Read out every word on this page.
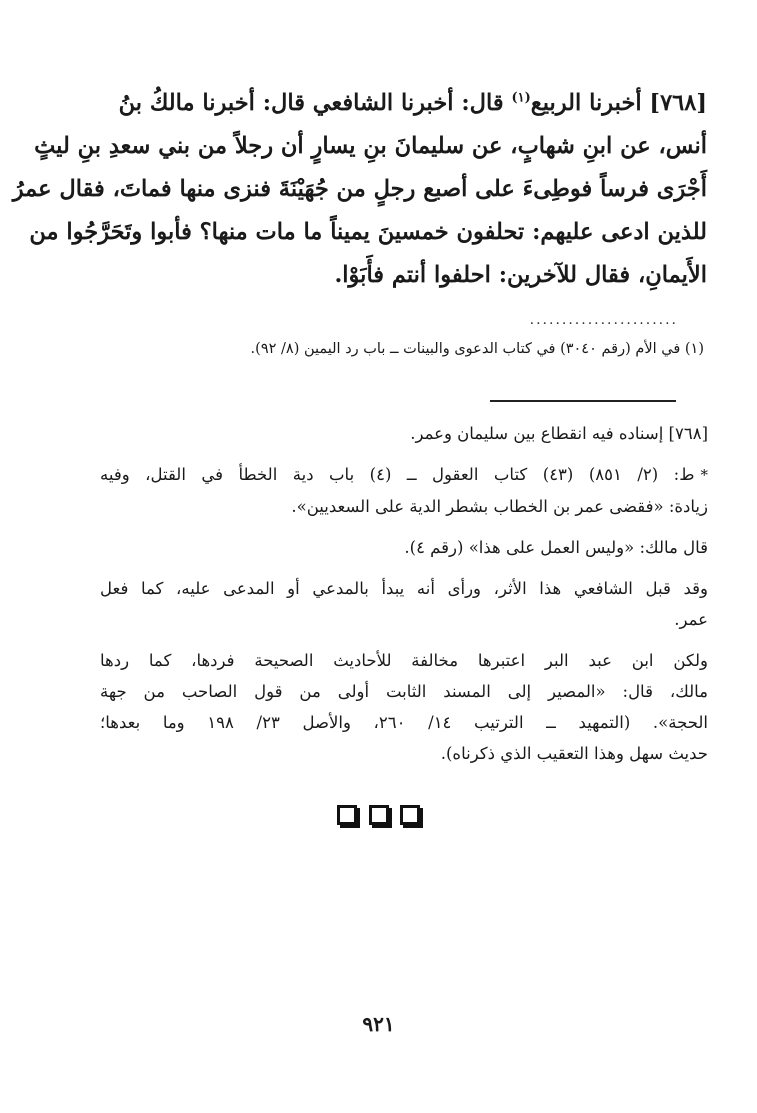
[٧٦٨] أخبرنا الربيع$^{(١)}$ قال: أخبرنا الشافعي قال: أخبرنا مالكُ بنُ
أنس، عن ابنِ شهابٍ، عن سليمانَ بنِ يسارٍ أن رجلاً من بني سعدِ بنِ ليثٍ
أَجْرَى فرساً فوطِىءَ على أصبع رجلٍ من جُهَيْنَةَ فنزى منها فماتَ، فقال عمرُ
للذين ادعى عليهم: تحلفون خمسينَ يميناً ما مات منها؟ فأبوا وتَحَرَّجُوا من
الأَيمانِ، فقال للآخرين: احلفوا أنتم فأَبَوْا.
.......................
(١) في الأم (رقم ٣٠٤٠) في كتاب الدعوى والبينات ــ باب رد اليمين (٨/ ٩٢).
[٧٦٨] إسناده فيه انقطاع بين سليمان وعمر.
*ط: (٢/ ٨٥١) (٤٣) كتاب العقول ــ (٤) باب دية الخطأ في القتل، وفيه
زيادة: «فقضى عمر بن الخطاب بشطر الدية على السعديين».
قال مالك: «وليس العمل على هذا» (رقم ٤).
وقد قبل الشافعي هذا الأثر، ورأى أنه يبدأ بالمدعي أو المدعى عليه، كما فعل
عمر.
ولكن ابن عبد البر اعتبرها مخالفة للأحاديث الصحيحة فردها، كما ردها
مالك، قال: «المصير إلى المسند الثابت أولى من قول الصاحب من جهة
الحجة». (التمهيد ــ الترتيب ١٤/ ٢٦٠، والأصل ٢٣/ ١٩٨ وما بعدها؛
حديث سهل وهذا التعقيب الذي ذكرناه).

٩٢١
